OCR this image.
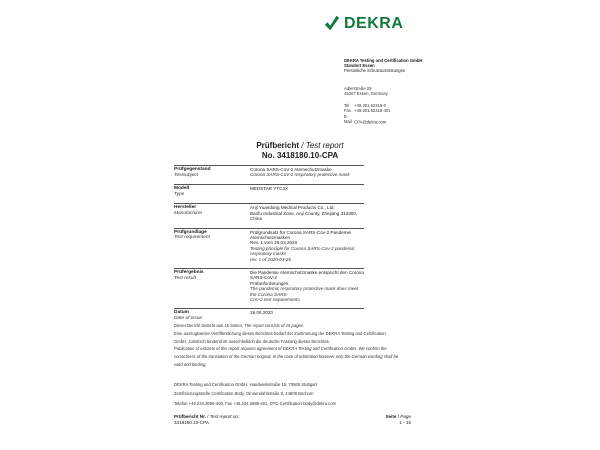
DEKRA
DEKRA Testing and Certification GmbH
Standort Essen
Persönliche Schutzausrüstungen
Adlerstraße 29
45307 Essen, Germany
Tel +49.201.52319-0
Fax +49.201.52319-401
E-Mail CPA@dekra.com
Prüfbericht / Test report
No. 3418180.10-CPA
Prüfgegenstand
Testsubject
Corona SARS-CoV-2 Atemschutzmaske
Corona SARS-CoV-2 respiratory protective mask
Modell
Type
MEDSTAR YTC3X
Hersteller
Manufacturer
Anji Yuandong Medical Products Co., Ltd.
Baofu Industrial Zone, Anji County, Zhejiang 313300, China
Prüfgrundlage
Test requirement
Prüfgrundsatz für Corona SARS-Cov-2 Pandemie Atemschutzmasken
Rev. 1 vom 26.03.2020
Testing principle for Corona SARS-Cov-2 pandemic respiratory masks
rev. 1 of 2020-03-26
Prüfergebnis
Test result
Die Pandemie Atemschutzmaske entspricht den Corona SARS-CoV-2
Prüfanforderungen.
The pandemic respiratory protective mask does meet the Corona SARS-
CoV-2 test requirements.
Datum
Date of issue
19.06.2020
Dieser Bericht besteht aus 15 Seiten. The report consists of 15 pages.
Eine auszugsweise Veröffentlichung dieses Berichtes bedarf der Zustimmung der DEKRA Testing and Certification
GmbH. Juristisch bindend ist ausschließlich die deutsche Fassung dieses Berichtes.
Publication of extracts of this report requires agreement of DEKRA Testing and Certification GmbH. We confirm the
correctness of the translation of the German original. In the case of arbitration however only the German wording shall be
valid and binding.
DEKRA Testing and Certification GmbH, Handwerkstraße 15, 70565 Stuttgart
Zertifizierungsstelle Certification Body, Dinnendahlstraße 9, 44809 Bochum
Telefon +49.234.3696-400, Fax +49.234.3696-401, DTC-Certification-body@dekra.com
Prüfbericht Nr. / Test report no.:
3418180.10-CPA
Seite / Page
1 - 15
